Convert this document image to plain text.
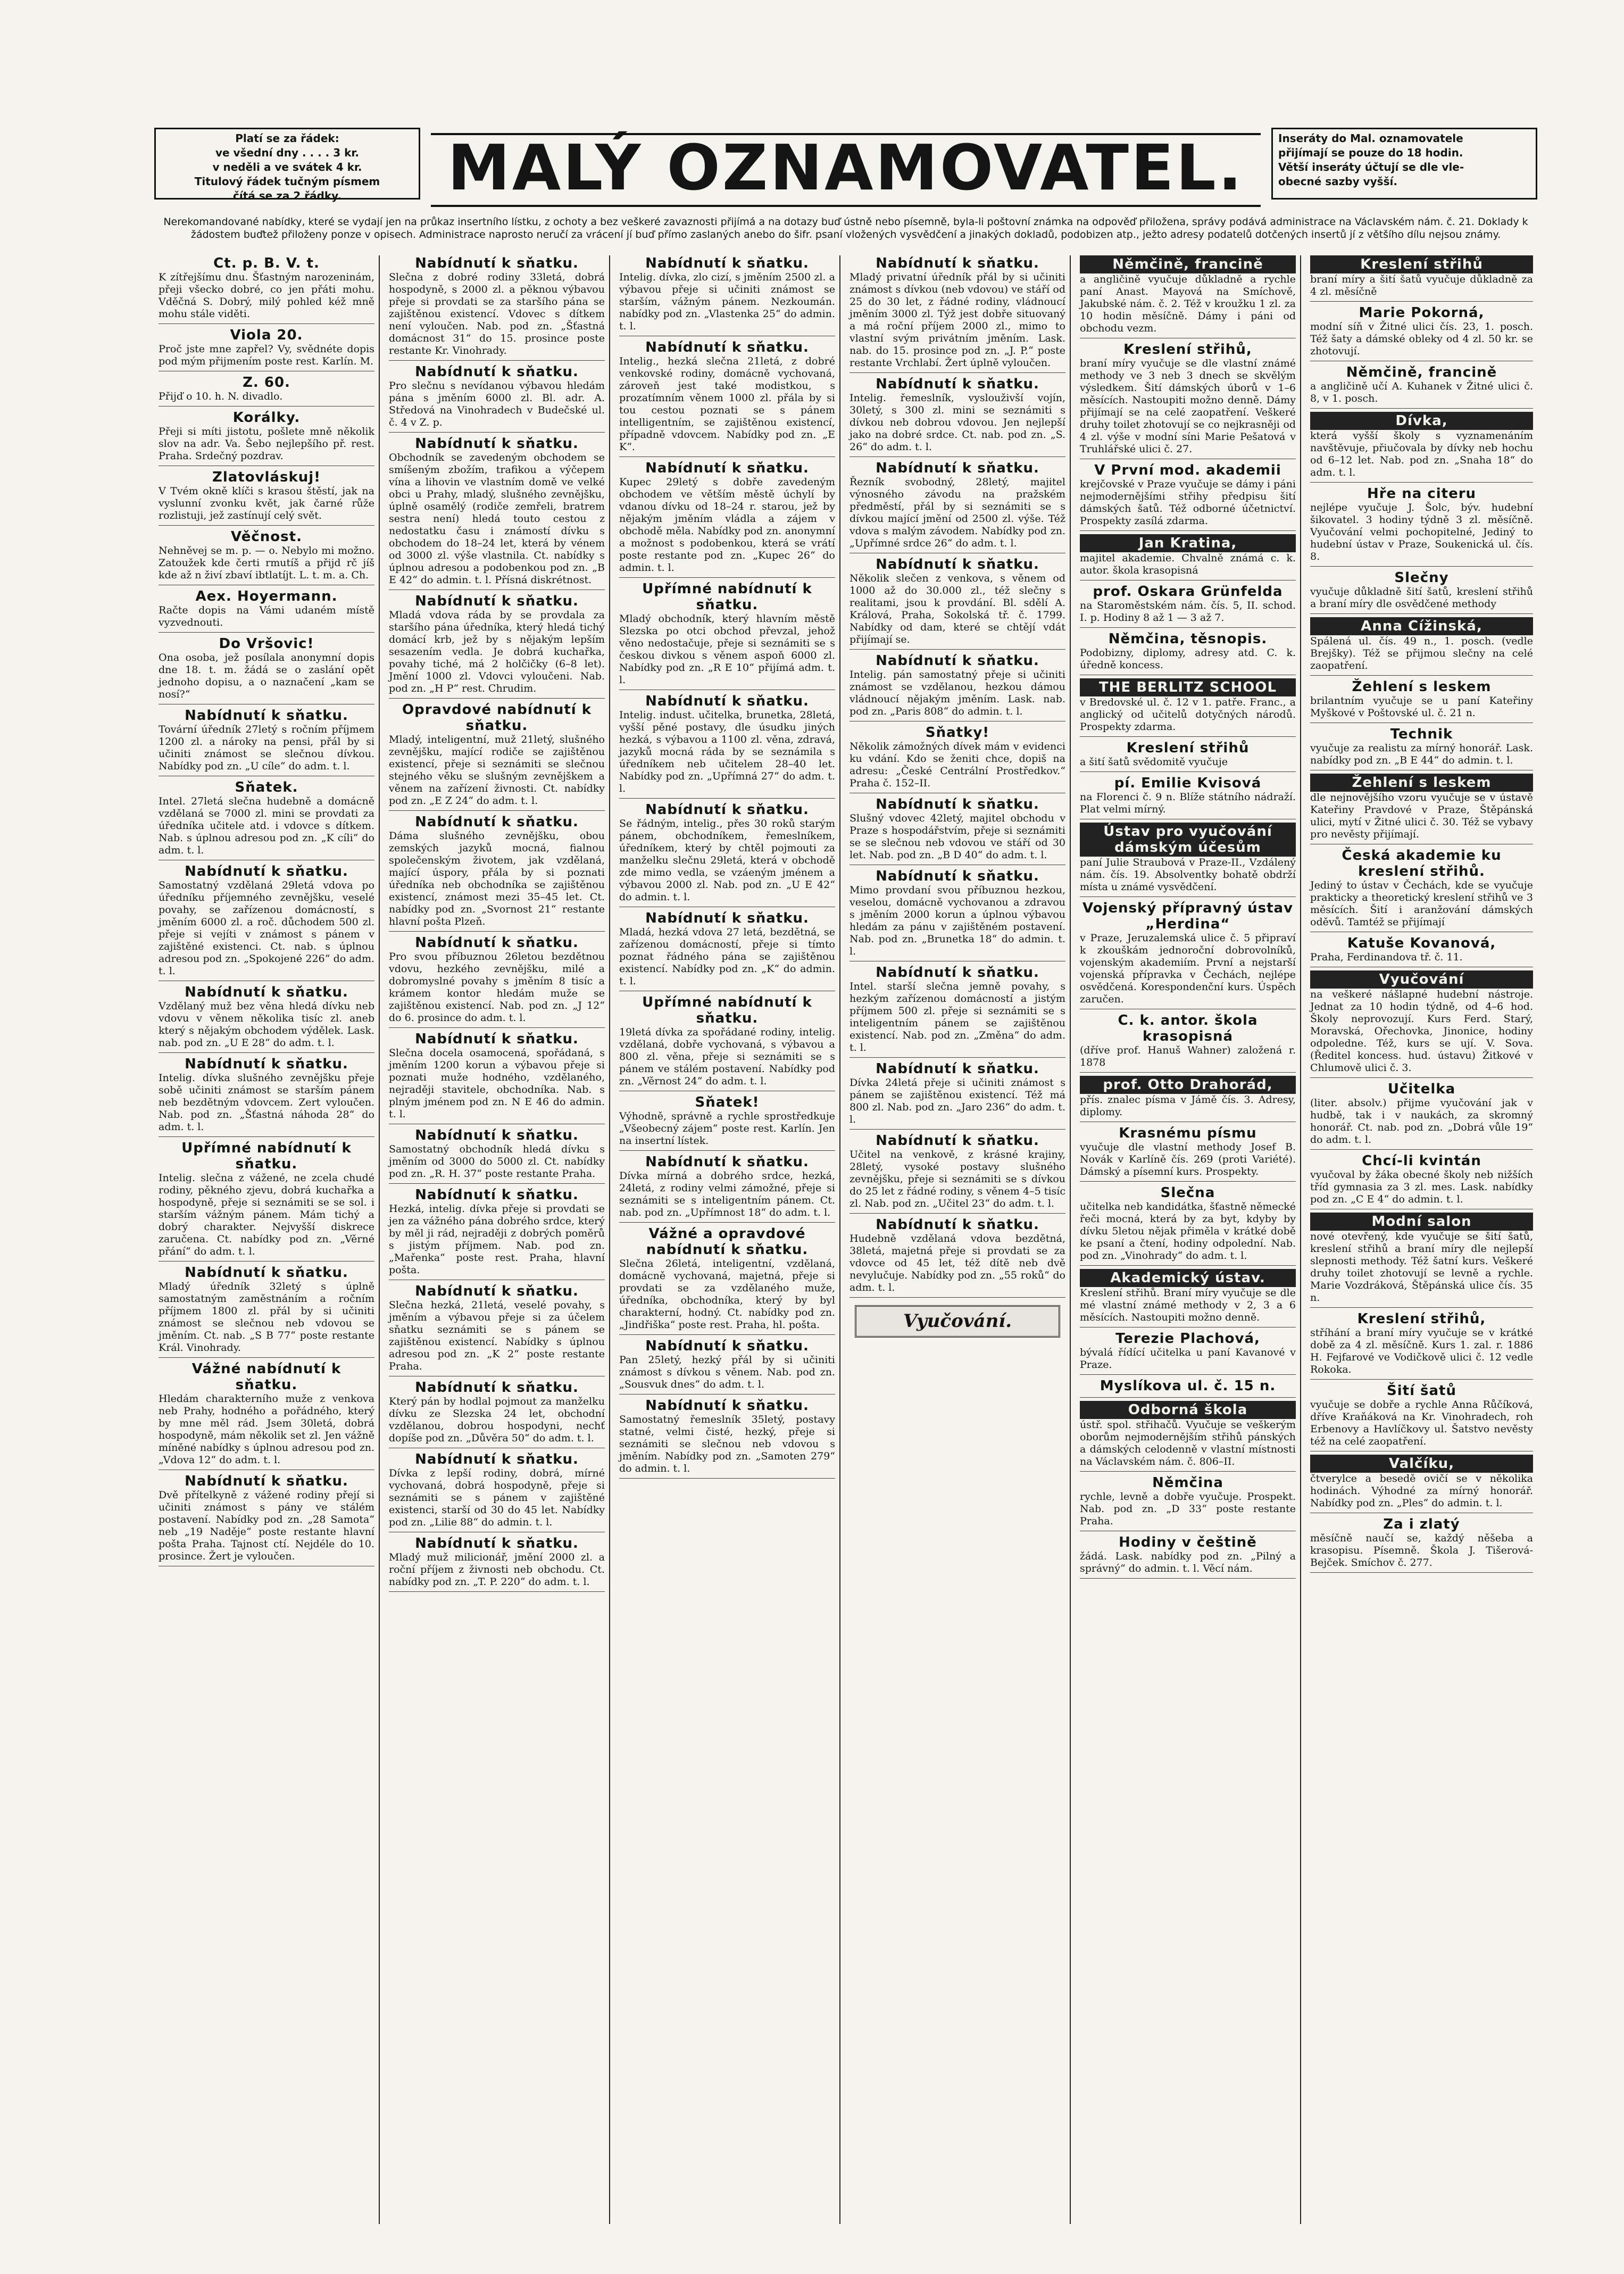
Platí se za řádek:
ve všední dny . . . . 3 kr.
v neděli a ve svátek 4 kr.
Titulový řádek tučným písmem
čítá se za 2 řádky.	MALÝ OZNAMOVATEL.	Inseráty do Mal. oznamovatele
přijímají se pouze do 18 hodin.
Větší inseráty účtují se dle vle-
obecné sazby vyšší.
Nerekomandované nabídky, které se vydají jen na průkaz insertního lístku, z ochoty a bez veškeré zavaznosti přijímá a na dotazy buď ústně nebo písemně, byla-li poštovní známka na odpověď přiložena, správy podává administrace na Václavském nám. č. 21. Doklady k žádostem buďtež přiloženy ponze v opisech. Administrace naprosto neručí za vrácení jí buď přímo zaslaných anebo do šifr. psaní vložených vysvědčení a jinakých dokladů, podobizen atp., ježto adresy podatelů dotčených insertů jí z většího dílu nejsou známy.
Ct. p. B. V. t.
K zítřejšímu dnu. Šťastným narozeninám, přeji všecko dobré, co jen přáti mohu. Vděčná S. Dobrý, milý pohled kéž mně mohu stále viděti.
Viola 20.
Proč jste mne zapřel? Vy, svědnéte dopis pod mým přijmením poste rest. Karlín. M.
Z. 60.
Přijď o 10. h. N. divadlo.
Korálky.
Přeji si míti jistotu, pošlete mně několik slov na adr. Va. Šebo nejlepšího př. rest. Praha. Srdečný pozdrav.
Zlatovláskuj!
V Tvém okně klíči s krasou štěstí, jak na vyslunní zvonku květ, jak čarné růže rozlistuji, jež zastínují celý svět.
Věčnost.
Nehněvej se m. p. — o. Nebylo mi možno. Zatoužek kde čerti rmutíš a přijd rč jíš kde až n živí zbaví ibtlatíjt. L. t. m. a. Ch.
Aex. Hoyermann.
Račte dopis na Vámi udaném místě vyzvednouti.
Do Vršovic!
Ona osoba, jež posílala anonymní dopis dne 18. t. m. žádá se o zaslání opět jednoho dopisu, a o naznačení „kam se nosí?“
Nabídnutí k sňatku.
Tovární úředník 27letý s ročním příjmem 1200 zl. a nároky na pensi, přál by si učiniti známost se slečnou dívkou. Nabídky pod zn. „U cíle“ do adm. t. l.
Sňatek.
Intel. 27letá slečna hudebně a domácně vzdělaná se 7000 zl. mini se provdati za úředníka učitele atd. i vdovce s dítkem. Nab. s úplnou adresou pod zn. „K cíli“ do adm. t. l.
Nabídnutí k sňatku.
Samostatný vzdělaná 29letá vdova po úředníku příjemného zevnějšku, veselé povahy, se zařízenou domácností, s jměním 6000 zl. a roč. důchodem 500 zl. přeje si vejíti v známost s pánem v zajištěné existenci. Ct. nab. s úplnou adresou pod zn. „Spokojené 226“ do adm. t. l.
Nabídnutí k sňatku.
Vzdělaný muž bez věna hledá dívku neb vdovu v věnem několika tisíc zl. aneb který s nějakým obchodem výdělek. Lask. nab. pod zn. „U E 28“ do adm. t. l.
Nabídnutí k sňatku.
Intelig. dívka slušného zevnějšku přeje sobě učiniti známost se starším pánem neb bezdětným vdovcem. Zert vyloučen. Nab. pod zn. „Šťastná náhoda 28“ do adm. t. l.
Upřímné nabídnutí k sňatku.
Intelig. slečna z vážené, ne zcela chudé rodiny, pěkného zjevu, dobrá kuchařka a hospodyně, přeje si seznámiti se se sol. i starším vážným pánem. Mám tichý a dobrý charakter. Nejvyšší diskrece zaručena. Ct. nabídky pod zn. „Věrné přání“ do adm. t. l.
Nabídnutí k sňatku.
Mladý úředník 32letý s úplně samostatným zaměstnáním a ročním příjmem 1800 zl. přál by si učiniti známost se slečnou neb vdovou se jměním. Ct. nab. „S B 77“ poste restante Král. Vinohrady.
Vážné nabídnutí k sňatku.
Hledám charakterního muže z venkova neb Prahy, hodného a pořádného, který by mne měl rád. Jsem 30letá, dobrá hospodyně, mám několik set zl. Jen vážně míněné nabídky s úplnou adresou pod zn. „Vdova 12“ do adm. t. l.
Nabídnutí k sňatku.
Dvě přítelkyně z vážené rodiny přejí si učiniti známost s pány ve stálém postavení. Nabídky pod zn. „28 Samota“ neb „19 Naděje“ poste restante hlavní pošta Praha. Tajnost ctí. Nejdéle do 10. prosince. Žert je vyloučen.
Nabídnutí k sňatku.
Slečna z dobré rodiny 33letá, dobrá hospodyně, s 2000 zl. a pěknou výbavou přeje si provdati se za staršího pána se zajištěnou existencí. Vdovec s dítkem není vyloučen. Nab. pod zn. „Šťastná domácnost 31“ do 15. prosince poste restante Kr. Vinohrady.
Nabídnutí k sňatku.
Pro slečnu s nevídanou výbavou hledám pána s jměním 6000 zl. Bl. adr. A. Středová na Vinohradech v Budečské ul. č. 4 v Z. p.
Nabídnutí k sňatku.
Obchodník se zavedeným obchodem se smíšeným zbožím, trafikou a výčepem vína a lihovin ve vlastním domě ve velké obci u Prahy, mladý, slušného zevnějšku, úplně osamělý (rodiče zemřeli, bratrem sestra není) hledá touto cestou z nedostatku času i známostí dívku s obchodem do 18–24 let, která by vénem od 3000 zl. výše vlastnila. Ct. nabídky s úplnou adresou a podobenkou pod zn. „B E 42“ do admin. t. l. Přísná diskrétnost.
Nabídnutí k sňatku.
Mladá vdova ráda by se provdala za staršího pána úředníka, který hledá tichý domácí krb, jež by s nějakým lepším sesazením vedla. Je dobrá kuchařka, povahy tiché, má 2 holčičky (6–8 let). Jmění 1000 zl. Vdovci vyloučeni. Nab. pod zn. „H P“ rest. Chrudim.
Opravdové nabídnutí k sňatku.
Mladý, inteligentní, muž 21letý, slušného zevnějšku, mající rodiče se zajištěnou existencí, přeje si seznámiti se slečnou stejného věku se slušným zevnějškem a věnem na zařízení živnosti. Ct. nabídky pod zn. „E Z 24“ do adm. t. l.
Nabídnutí k sňatku.
Dáma slušného zevnějšku, obou zemských jazyků mocná, fialnou společenským životem, jak vzdělaná, mající úspory, přála by si poznati úředníka neb obchodníka se zajištěnou existencí, známost mezi 35–45 let. Ct. nabídky pod zn. „Svornost 21“ restante hlavní pošta Plzeň.
Nabídnutí k sňatku.
Pro svou příbuznou 26letou bezdětnou vdovu, hezkého zevnějšku, milé a dobromyslné povahy s jměním 8 tisíc a krámem kontor hledám muže se zajištěnou existencí. Nab. pod zn. „J 12“ do 6. prosince do adm. t. l.
Nabídnutí k sňatku.
Slečna docela osamocená, spořádaná, s jměním 1200 korun a výbavou přeje si poznati muže hodného, vzdělaného, nejraději stavitele, obchodníka. Nab. s plným jménem pod zn. N E 46 do admin. t. l.
Nabídnutí k sňatku.
Samostatný obchodník hledá dívku s jměním od 3000 do 5000 zl. Ct. nabídky pod zn. „R. H. 37“ poste restante Praha.
Nabídnutí k sňatku.
Hezká, intelig. dívka přeje si provdati se jen za vážného pána dobrého srdce, který by měl ji rád, nejraději z dobrých poměrů s jistým příjmem. Nab. pod zn. „Mařenka“ poste rest. Praha, hlavní pošta.
Nabídnutí k sňatku.
Slečna hezká, 21letá, veselé povahy, s jměním a výbavou přeje si za účelem sňatku seznámiti se s pánem se zajištěnou existencí. Nabídky s úplnou adresou pod zn. „K 2“ poste restante Praha.
Nabídnutí k sňatku.
Který pán by hodlal pojmout za manželku dívku ze Slezska 24 let, obchodní vzdělanou, dobrou hospodyni, nechť dopíše pod zn. „Důvěra 50“ do adm. t. l.
Nabídnutí k sňatku.
Dívka z lepší rodiny, dobrá, mírné vychovaná, dobrá hospodyně, přeje si seznámiti se s pánem v zajištěné existenci, starší od 30 do 45 let. Nabídky pod zn. „Lilie 88“ do admin. t. l.
Nabídnutí k sňatku.
Mladý muž milicionář, jmění 2000 zl. a roční příjem z živnosti neb obchodu. Ct. nabídky pod zn. „T. P. 220“ do adm. t. l.
Nabídnutí k sňatku.
Intelig. dívka, zlo cizí, s jměním 2500 zl. a výbavou přeje si učiniti známost se starším, vážným pánem. Nezkoumán. nabídky pod zn. „Vlastenka 25“ do admin. t. l.
Nabídnutí k sňatku.
Intelig., hezká slečna 21letá, z dobré venkovské rodiny, domácně vychovaná, zároveň jest také modistkou, s prozatímním věnem 1000 zl. přála by si tou cestou poznati se s pánem intelligentním, se zajištěnou existencí, případně vdovcem. Nabídky pod zn. „E K“.
Nabídnutí k sňatku.
Kupec 29letý s dobře zavedeným obchodem ve větším městě úchylí by vdanou dívku od 18–24 r. starou, jež by nějakým jměním vládla a zájem v obchodě měla. Nabídky pod zn. anonymní a možnost s podobenkou, která se vrátí poste restante pod zn. „Kupec 26“ do admin. t. l.
Upřímné nabídnutí k sňatku.
Mladý obchodník, který hlavním městě Slezska po otci obchod převzal, jehož věno nedostačuje, přeje si seznámiti se s českou divkou s věnem aspoň 6000 zl. Nabídky pod zn. „R E 10“ přijímá adm. t. l.
Nabídnutí k sňatku.
Intelig. indust. učitelka, brunetka, 28letá, vyšší pěné postavy, dle úsudku jiných hezká, s výbavou a 1100 zl. věna, zdravá, jazyků mocná ráda by se seznámila s úředníkem neb učitelem 28–40 let. Nabídky pod zn. „Upřímná 27“ do adm. t. l.
Nabídnutí k sňatku.
Se řádným, intelig., přes 30 roků starým pánem, obchodníkem, řemeslníkem, úředníkem, který by chtěl pojmouti za manželku slečnu 29letá, která v obchodě zde mimo vedla, se vzáeným jménem a výbavou 2000 zl. Nab. pod zn. „U E 42“ do admin. t. l.
Nabídnutí k sňatku.
Mladá, hezká vdova 27 letá, bezdětná, se zařízenou domácností, přeje si tímto poznat řádného pána se zajištěnou existencí. Nabídky pod zn. „K“ do admin. t. l.
Upřímné nabídnutí k sňatku.
19letá dívka za spořádané rodiny, intelig. vzdělaná, dobře vychovaná, s výbavou a 800 zl. věna, přeje si seznámiti se s pánem ve stálém postavení. Nabídky pod zn. „Věrnost 24“ do adm. t. l.
Sňatek!
Výhodně, správně a rychle sprostředkuje „Všeobecný zájem“ poste rest. Karlín. Jen na insertní lístek.
Nabídnutí k sňatku.
Dívka mírná a dobrého srdce, hezká, 24letá, z rodiny velmi zámožné, přeje si seznámiti se s inteligentním pánem. Ct. nab. pod zn. „Upřímnost 18“ do adm. t. l.
Vážné a opravdové nabídnutí k sňatku.
Slečna 26letá, inteligentní, vzdělaná, domácně vychovaná, majetná, přeje si provdati se za vzdělaného muže, úředníka, obchodníka, který by byl charakterní, hodný. Ct. nabídky pod zn. „Jindřiška“ poste rest. Praha, hl. pošta.
Nabídnutí k sňatku.
Pan 25letý, hezký přál by si učiniti známost s dívkou s věnem. Nab. pod zn. „Sousvuk dnes“ do adm. t. l.
Nabídnutí k sňatku.
Samostatný řemeslník 35letý, postavy statné, velmi čisté, hezký, přeje si seznámiti se slečnou neb vdovou s jměním. Nabídky pod zn. „Samoten 279“ do admin. t. l.
Nabídnutí k sňatku.
Mladý privatní úředník přál by si učiniti známost s dívkou (neb vdovou) ve stáří od 25 do 30 let, z řádné rodiny, vládnoucí jměním 3000 zl. Týž jest dobře situovaný a má roční příjem 2000 zl., mimo to vlastní svým privátním jměním. Lask. nab. do 15. prosince pod zn. „J. P.“ poste restante Vrchlabí. Žert úplně vyloučen.
Nabídnutí k sňatku.
Intelig. řemeslník, vyslouživší vojín, 30letý, s 300 zl. mini se seznámiti s dívkou neb dobrou vdovou. Jen nejlepší jako na dobré srdce. Ct. nab. pod zn. „S. 26“ do adm. t. l.
Nabídnutí k sňatku.
Řezník svobodný, 28letý, majitel výnosného závodu na pražském předměstí, přál by si seznámiti se s dívkou mající jmění od 2500 zl. výše. Též vdova s malým závodem. Nabídky pod zn. „Upřímné srdce 26“ do adm. t. l.
Nabídnutí k sňatku.
Několik slečen z venkova, s věnem od 1000 až do 30.000 zl., též slečny s realitami, jsou k provdání. Bl. sdělí A. Králová, Praha, Sokolská tř. č. 1799. Nabídky od dam, které se chtějí vdát přijímají se.
Nabídnutí k sňatku.
Intelig. pán samostatný přeje si učiniti známost se vzdělanou, hezkou dámou vládnoucí nějakým jměním. Lask. nab. pod zn. „Paris 808“ do admin. t. l.
Sňatky!
Několik zámožných dívek mám v evidenci ku vdání. Kdo se ženiti chce, dopiš na adresu: „České Centrální Prostředkov.“ Praha č. 152–II.
Nabídnutí k sňatku.
Slušný vdovec 42letý, majitel obchodu v Praze s hospodářstvím, přeje si seznámiti se se slečnou neb vdovou ve stáří od 30 let. Nab. pod zn. „B D 40“ do adm. t. l.
Nabídnutí k sňatku.
Mimo provdaní svou příbuznou hezkou, veselou, domácně vychovanou a zdravou s jměním 2000 korun a úplnou výbavou hledám za pánu v zajištěném postavení. Nab. pod zn. „Brunetka 18“ do admin. t. l.
Nabídnutí k sňatku.
Intel. starší slečna jemně povahy, s hezkým zařízenou domácností a jistým příjmem 500 zl. přeje si seznámiti se s inteligentním pánem se zajištěnou existencí. Nab. pod zn. „Změna“ do adm. t. l.
Nabídnutí k sňatku.
Dívka 24letá přeje si učiniti známost s pánem se zajištěnou existencí. Též má 800 zl. Nab. pod zn. „Jaro 236“ do adm. t. l.
Nabídnutí k sňatku.
Učitel na venkově, z krásné krajiny, 28letý, vysoké postavy slušného zevnějšku, přeje si seznámiti se s dívkou do 25 let z řádné rodiny, s věnem 4–5 tisíc zl. Nab. pod zn. „Učitel 23“ do adm. t. l.
Nabídnutí k sňatku.
Hudebně vzdělaná vdova bezdětná, 38letá, majetná přeje si provdati se za vdovce od 45 let, též dítě neb dvě nevylučuje. Nabídky pod zn. „55 roků“ do adm. t. l.
Vyučování.
Němčině, francině
a angličině vyučuje důkladně a rychle paní Anast. Mayová na Smíchově, Jakubské nám. č. 2. Též v kroužku 1 zl. za 10 hodin měsíčně. Dámy i páni od obchodu vezm.
Kreslení střihů,
braní míry vyučuje se dle vlastní známé methody ve 3 neb 3 dnech se skvělým výsledkem. Šití dámských úborů v 1–6 měsících. Nastoupiti možno denně. Dámy přijímají se na celé zaopatření. Veškeré druhy toilet zhotovují se co nejkrasněji od 4 zl. výše v modní síni Marie Pešatová v Truhlářské ulici č. 27.
V První mod. akademii
krejčovské v Praze vyučuje se dámy i páni nejmodernějšími střihy předpisu šití dámských šatů. Též odborné účetnictví. Prospekty zasílá zdarma.
Jan Kratina,
majitel akademie. Chvalně známá c. k. autor. škola krasopisná
prof. Oskara Grünfelda
na Staroměstském nám. čís. 5, II. schod. I. p. Hodiny 8 až 1 — 3 až 7.
Němčina, těsnopis.
Podobizny, diplomy, adresy atd. C. k. úředně koncess.
THE BERLITZ SCHOOL
v Bredovské ul. č. 12 v 1. patře. Franc., a anglický od učitelů dotyčných národů. Prospekty zdarma.
Kreslení střihů
a šití šatů svědomitě vyučuje
pí. Emilie Kvisová
na Florenci č. 9 n. Blíže státního nádraží. Plat velmi mírný.
Ústav pro vyučování dámským účesům
paní Julie Straubová v Praze-II., Vzdálený nám. čís. 19. Absolventky bohatě obdrží místa u známé vysvědčení.
Vojenský přípravný ústav „Herdina“
v Praze, Jeruzalemská ulice č. 5 připraví k zkouškám jednoroční dobrovolníků, vojenským akademiím. První a nejstarší vojenská přípravka v Čechách, nejlépe osvědčená. Korespondenční kurs. Úspěch zaručen.
C. k. antor. škola krasopisná
(dříve prof. Hanuš Wahner) založená r. 1878
prof. Otto Drahorád,
přís. znalec písma v Jámě čís. 3. Adresy, diplomy.
Krasnému písmu
vyučuje dle vlastní methody Josef B. Novák v Karlíně čís. 269 (proti Variété). Dámský a písemní kurs. Prospekty.
Slečna
učitelka neb kandidátka, šťastně německé řeči mocná, která by za byt, kdyby by dívku 5letou nějak přiměla v krátké době ke psaní a čtení, hodiny odpolední. Nab. pod zn. „Vinohrady“ do adm. t. l.
Akademický ústav.
Kreslení střihů. Braní míry vyučuje se dle mé vlastní známé methody v 2, 3 a 6 měsících. Nastoupiti možno denně.
Terezie Plachová,
bývalá řídící učitelka u paní Kavanové v Praze.
Myslíkova ul. č. 15 n.
Odborná škola
ústř. spol. střihačů. Vyučuje se veškerým oborům nejmodernějším střihů pánských a dámských celodenně v vlastní místnosti na Václavském nám. č. 806–II.
Němčina
rychle, levně a dobře vyučuje. Prospekt. Nab. pod zn. „D 33“ poste restante Praha.
Hodiny v češtině
žádá. Lask. nabídky pod zn. „Pilný a správný“ do admin. t. l. Věcí nám.
Kreslení střihů
braní míry a šití šatů vyučuje důkladně za 4 zl. měsíčně
Marie Pokorná,
modní síň v Žitné ulici čís. 23, 1. posch. Též šaty a dámské obleky od 4 zl. 50 kr. se zhotovují.
Němčině, francině
a angličině učí A. Kuhanek v Žitné ulici č. 8, v 1. posch.
Dívka,
která vyšší školy s vyznamenáním navštěvuje, přiučovala by dívky neb hochu od 6–12 let. Nab. pod zn. „Snaha 18“ do adm. t. l.
Hře na citeru
nejlépe vyučuje J. Šolc, býv. hudební šikovatel. 3 hodiny týdně 3 zl. měsíčně. Vyučování velmi pochopitelné, Jediný to hudební ústav v Praze, Soukenická ul. čís. 8.
Slečny
vyučuje důkladně šití šatů, kreslení střihů a braní míry dle osvědčené methody
Anna Cížinská,
Spálená ul. čís. 49 n., 1. posch. (vedle Brejšky). Též se přijmou slečny na celé zaopatření.
Žehlení s leskem
brilantním vyučuje se u paní Kateřiny Myškové v Poštovské ul. č. 21 n.
Technik
vyučuje za realistu za mírný honorář. Lask. nabídky pod zn. „B E 44“ do admin. t. l.
Žehlení s leskem
dle nejnovějšího vzoru vyučuje se v ústavě Kateřiny Pravdové v Praze, Štěpánská ulici, mytí v Žitné ulici č. 30. Též se vybavy pro nevěsty přijímají.
Česká akademie ku kreslení střihů.
Jediný to ústav v Čechách, kde se vyučuje prakticky a theoretický kreslení střihů ve 3 měsících. Šití i aranžování dámských oděvů. Tamtéž se přijímají
Katuše Kovanová,
Praha, Ferdinandova tř. č. 11.
Vyučování
na veškeré nášlapné hudební nástroje. Jednat za 10 hodin týdně, od 4–6 hod. Školy neprovozují. Kurs Ferd. Starý, Moravská, Ořechovka, Jinonice, hodiny odpoledne. Též, kurs se ují. V. Sova. (Ředitel koncess. hud. ústavu) Žitkové v Chlumově ulici č. 3.
Učitelka
(liter. absolv.) přijme vyučování jak v hudbě, tak i v naukách, za skromný honorář. Ct. nab. pod zn. „Dobrá vůle 19“ do adm. t. l.
Chcí-li kvintán
vyučoval by žáka obecné školy neb nižších tříd gymnasia za 3 zl. mes. Lask. nabídky pod zn. „C E 4“ do admin. t. l.
Modní salon
nové otevřený, kde vyučuje se šití šatů, kreslení střihů a braní míry dle nejlepší slepnosti methody. Též šatní kurs. Veškeré druhy toilet zhotovují se levně a rychle. Marie Vozdráková, Štěpánská ulice čís. 35 n.
Kreslení střihů,
stříhání a braní míry vyučuje se v krátké době za 4 zl. měsíčně. Kurs 1. zal. r. 1886 H. Fejfarové ve Vodičkově ulici č. 12 vedle Rokoka.
Šití šatů
vyučuje se dobře a rychle Anna Růčíková, dříve Kraňáková na Kr. Vinohradech, roh Erbenovy a Havlíčkovy ul. Šatstvo nevěsty též na celé zaopatření.
Valčíku,
čtverylce a besedě ovičí se v několika hodinách. Výhodné za mírný honorář. Nabídky pod zn. „Ples“ do admin. t. l.
Za i zlatý
měsíčně naučí se, každý něšeba a krasopisu. Písemně. Škola J. Tišerová-Bejček. Smíchov č. 277.
